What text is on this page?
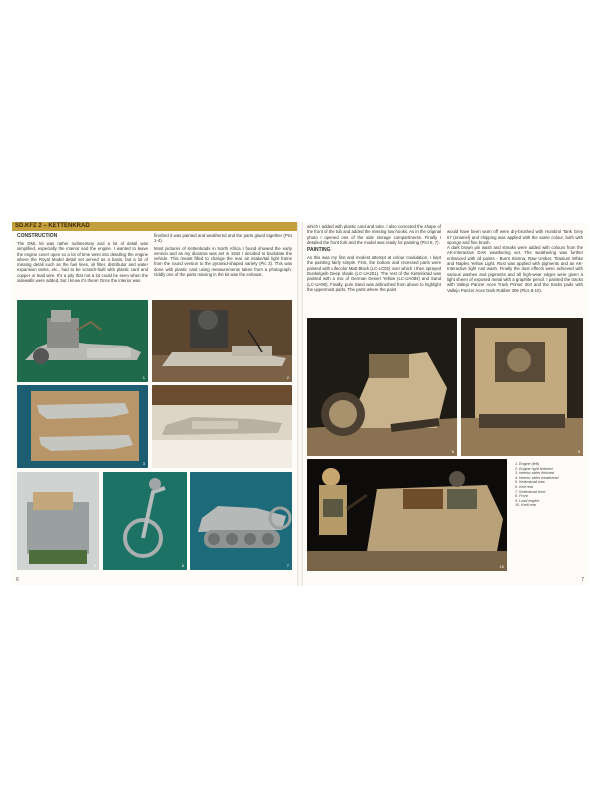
SD.KFZ 2 – KETTENKRAD

CONSTRUCTION

The DML kit was rather rudimentary and a lot of detail was simplified, especially the interior and the engine. I wanted to leave the engine cover open so a lot of time went into detailing the engine where the Royal Model detail set served as a basis, but a lot of missing detail such as the fuel lines, oil filter, distributor and water expansion tanks, etc., had to be scratch-built with plastic card and copper or lead wire. It's a pity that not a lot could be seen when the sidewalls were added, but I know it's there! Once the interior was

finished it was painted and weathered and the parts glued together (Pict 1-4).

Most pictures of Kettenkrads in North Africa I found showed the early version and as my diorama was set in 1942 I decided to backdate the vehicle. This meant filled to change the rear air intake/tail light frame from the round version to the pyramid-shaped variety (Pic 3). This was done with plastic card using measurements taken from a photograph. Oddly one of the parts missing in the kit was the exhaust,

1	2
3	4
5	6	7
6

which I added with plastic card and tube. I also corrected the shape of the front of the tub and added the missing tow hooks. As in the original photo I opened one of the side storage compartments. Finally I detailed the front fork and the model was ready for painting (Pict 6, 7).

PAINTING

As this was my first and modest attempt at colour modulation, I kept the painting fairly simple. First, the bottom and recessed parts were painted with Lifecolor Matt Black (LC-LC02) over which I then sprayed Dunkelgelb Deep shade (LC-UA251). The rest of the Kettenkrad was painted with a mix of German Desert Yellow (LC-UA084) and Sand (LC-UA90). Finally, pure Sand was airbrushed from above to highlight the uppermost parts. The parts where the paint

would have been worn off were dry-brushed with Humbrol Tank Grey 67 (enamel) and chipping was applied with the same colour, both with sponge and fine brush.
A dark brown pin wash and streaks were added with colours from the AK-Interactive DAK weathering set. The weathering was further enhanced with oil paints - Burnt Sienna, Raw Umber, Titanium White and Naples Yellow Light. Rust was applied with pigments and an AK-Interactive light rust wash. Finally the dust effects were achieved with various washes and pigments and all high-wear edges were given a light sheen of exposed metal with a graphite pencil. I painted the tracks with Vallejo Panzer Aces Track Primer 304 and the tracks pads with Vallejo Panzer Aces Dark Rubber 306 (Pics 8-10).

8	9
10
1. Engine (left)
2. Engine right finished
3. Interior sides finished
4. Interior sides weathered
5. Kettenkrad new
6. Kett rear
7. Kettenkrad front
8. Front
9. Load engine
10. Kettl rear
7
